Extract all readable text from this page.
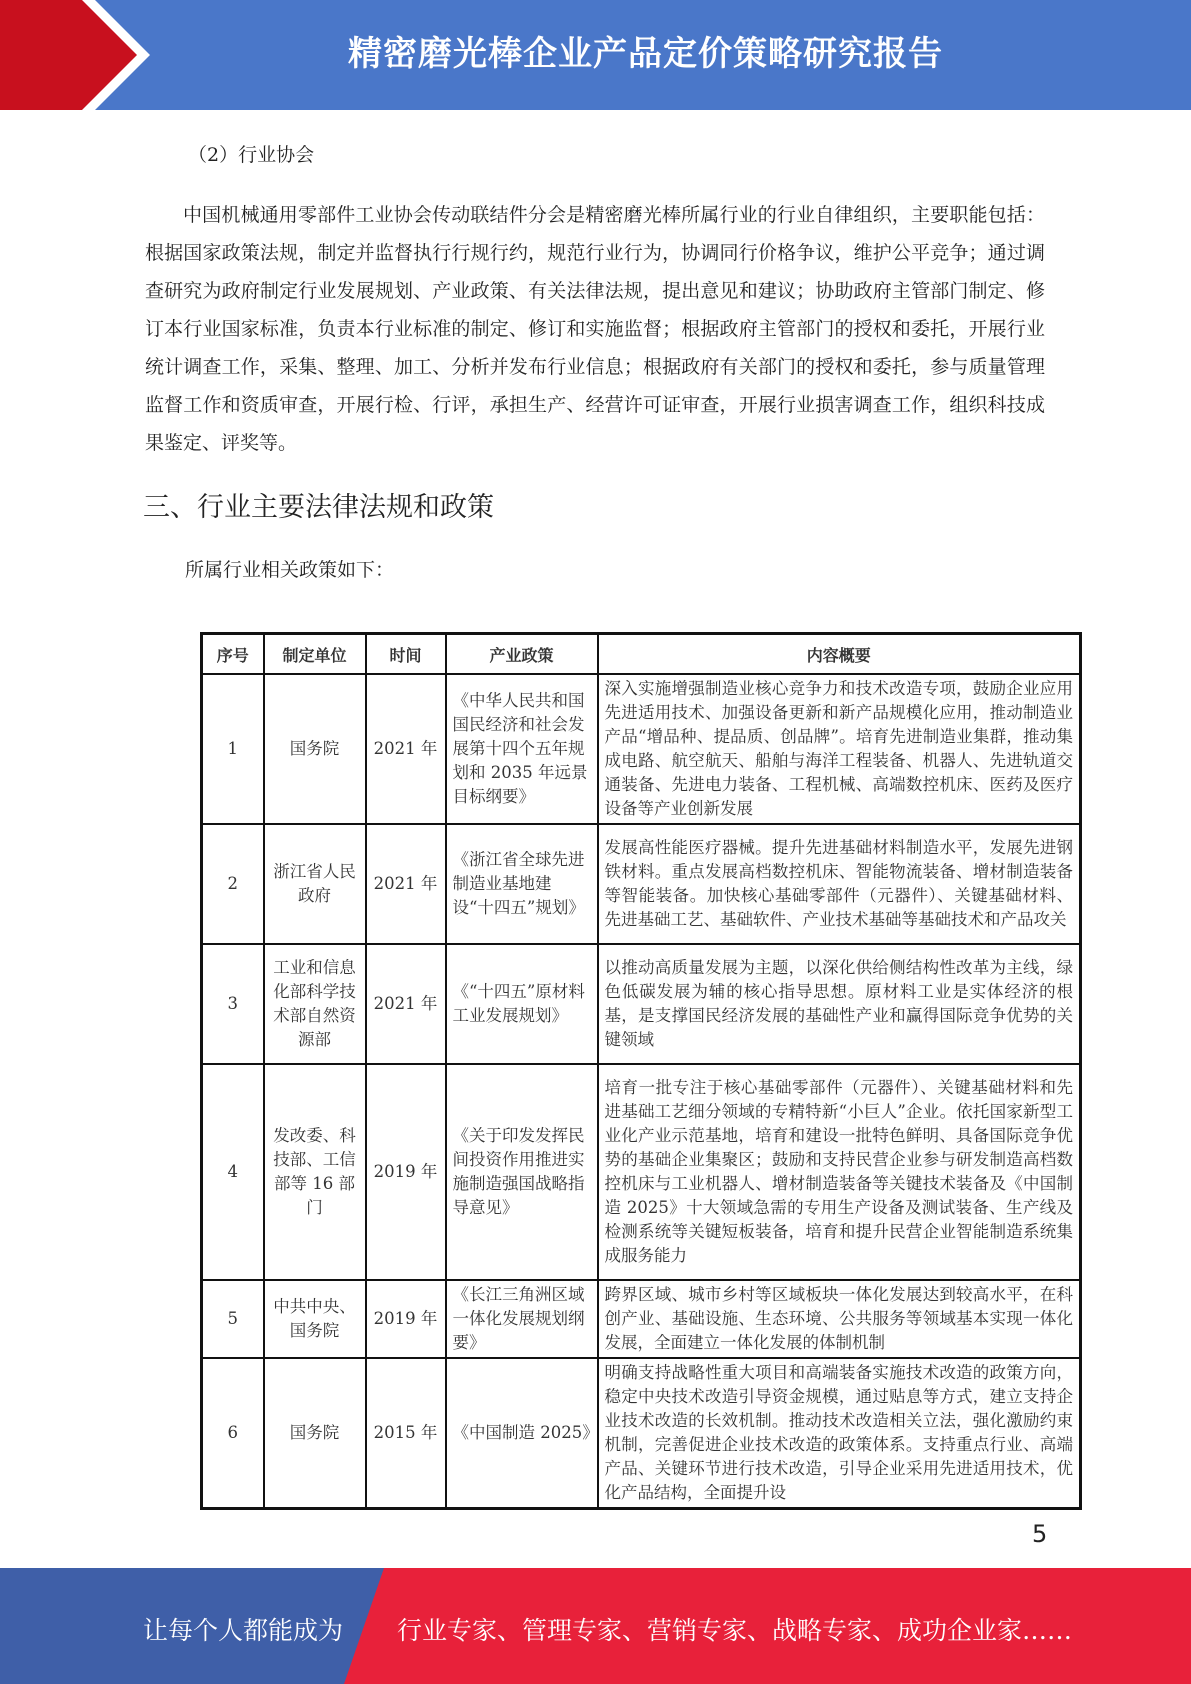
精密磨光棒企业产品定价策略研究报告
（2）行业协会
中国机械通用零部件工业协会传动联结件分会是精密磨光棒所属行业的行业自律组织，主要职能包括：根据国家政策法规，制定并监督执行行规行约，规范行业行为，协调同行价格争议，维护公平竞争；通过调查研究为政府制定行业发展规划、产业政策、有关法律法规，提出意见和建议；协助政府主管部门制定、修订本行业国家标准，负责本行业标准的制定、修订和实施监督；根据政府主管部门的授权和委托，开展行业统计调查工作，采集、整理、加工、分析并发布行业信息；根据政府有关部门的授权和委托，参与质量管理监督工作和资质审查，开展行检、行评，承担生产、经营许可证审查，开展行业损害调查工作，组织科技成果鉴定、评奖等。
三、行业主要法律法规和政策
所属行业相关政策如下：
序号	制定单位	时间	产业政策	内容概要
1	国务院	2021 年	《中华人民共和国国民经济和社会发展第十四个五年规划和 2035 年远景目标纲要》	深入实施增强制造业核心竞争力和技术改造专项，鼓励企业应用先进适用技术、加强设备更新和新产品规模化应用，推动制造业产品“增品种、提品质、创品牌”。培育先进制造业集群，推动集成电路、航空航天、船舶与海洋工程装备、机器人、先进轨道交通装备、先进电力装备、工程机械、高端数控机床、医药及医疗设备等产业创新发展
2	浙江省人民政府	2021 年	《浙江省全球先进制造业基地建设“十四五”规划》	发展高性能医疗器械。提升先进基础材料制造水平，发展先进钢铁材料。重点发展高档数控机床、智能物流装备、增材制造装备等智能装备。加快核心基础零部件（元器件）、关键基础材料、先进基础工艺、基础软件、产业技术基础等基础技术和产品攻关
3	工业和信息化部科学技术部自然资源部	2021 年	《“十四五”原材料工业发展规划》	以推动高质量发展为主题，以深化供给侧结构性改革为主线，绿色低碳发展为辅的核心指导思想。原材料工业是实体经济的根基，是支撑国民经济发展的基础性产业和赢得国际竞争优势的关键领域
4	发改委、科技部、工信部等 16 部门	2019 年	《关于印发发挥民间投资作用推进实施制造强国战略指导意见》	培育一批专注于核心基础零部件（元器件）、关键基础材料和先进基础工艺细分领域的专精特新“小巨人”企业。依托国家新型工业化产业示范基地，培育和建设一批特色鲜明、具备国际竞争优势的基础企业集聚区；鼓励和支持民营企业参与研发制造高档数控机床与工业机器人、增材制造装备等关键技术装备及《中国制造 2025》十大领域急需的专用生产设备及测试装备、生产线及检测系统等关键短板装备，培育和提升民营企业智能制造系统集成服务能力
5	中共中央、国务院	2019 年	《长江三角洲区域一体化发展规划纲要》	跨界区域、城市乡村等区域板块一体化发展达到较高水平，在科创产业、基础设施、生态环境、公共服务等领域基本实现一体化发展，全面建立一体化发展的体制机制
6	国务院	2015 年	《中国制造 2025》	明确支持战略性重大项目和高端装备实施技术改造的政策方向，稳定中央技术改造引导资金规模，通过贴息等方式，建立支持企业技术改造的长效机制。推动技术改造相关立法，强化激励约束机制，完善促进企业技术改造的政策体系。支持重点行业、高端产品、关键环节进行技术改造，引导企业采用先进适用技术，优化产品结构，全面提升设
5
让每个人都能成为 行业专家、管理专家、营销专家、战略专家、成功企业家……
